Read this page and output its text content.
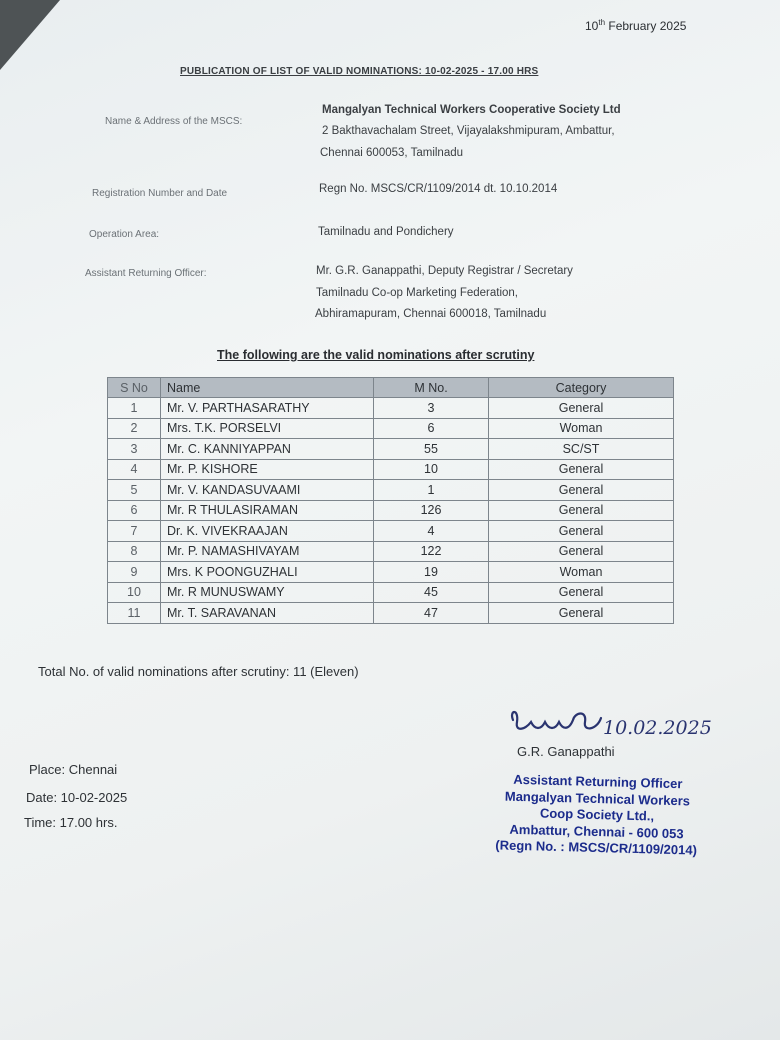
10th February 2025
PUBLICATION OF LIST OF VALID NOMINATIONS: 10-02-2025 - 17.00 HRS
Name & Address of the MSCS:
Mangalyan Technical Workers Cooperative Society Ltd
2 Bakthavachalam Street, Vijayalakshmipuram, Ambattur,
Chennai 600053, Tamilnadu
Registration Number and Date	Regn No. MSCS/CR/1109/2014 dt. 10.10.2014
Operation Area:	Tamilnadu and Pondichery
Assistant Returning Officer:	Mr. G.R. Ganappathi, Deputy Registrar / Secretary
Tamilnadu Co-op Marketing Federation,
Abhiramapuram, Chennai 600018, Tamilnadu
The following are the valid nominations after scrutiny
S No	Name	M No.	Category
1	Mr. V. PARTHASARATHY	3	General
2	Mrs. T.K. PORSELVI	6	Woman
3	Mr. C. KANNIYAPPAN	55	SC/ST
4	Mr. P. KISHORE	10	General
5	Mr. V. KANDASUVAAMI	1	General
6	Mr. R THULASIRAMAN	126	General
7	Dr. K. VIVEKRAAJAN	4	General
8	Mr. P. NAMASHIVAYAM	122	General
9	Mrs. K POONGUZHALI	19	Woman
10	Mr. R MUNUSWAMY	45	General
11	Mr. T. SARAVANAN	47	General
Total No. of valid nominations after scrutiny: 11 (Eleven)
10.02.2025
G.R. Ganappathi
Place: Chennai
Date: 10-02-2025
Time: 17.00 hrs.
Assistant Returning Officer
Mangalyan Technical Workers
Coop Society Ltd.,
Ambattur, Chennai - 600 053
(Regn No. : MSCS/CR/1109/2014)
